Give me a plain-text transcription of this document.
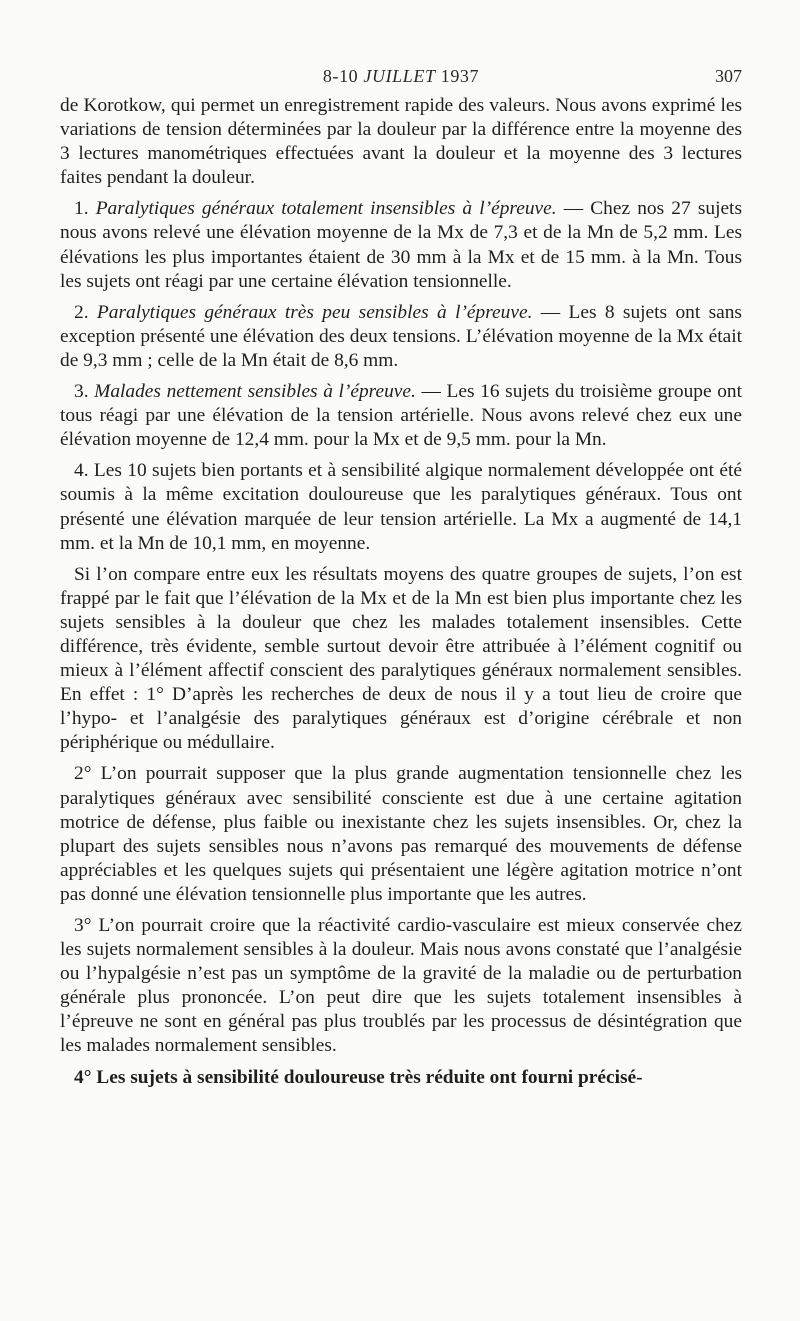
8-10 JUILLET 1937	307

de Korotkow, qui permet un enregistrement rapide des valeurs. Nous avons exprimé les variations de tension déterminées par la douleur par la différence entre la moyenne des 3 lectures manométriques effectuées avant la douleur et la moyenne des 3 lectures faites pendant la douleur.

1. Paralytiques généraux totalement insensibles à l’épreuve. — Chez nos 27 sujets nous avons relevé une élévation moyenne de la Mx de 7,3 et de la Mn de 5,2 mm. Les élévations les plus importantes étaient de 30 mm à la Mx et de 15 mm. à la Mn. Tous les sujets ont réagi par une certaine élévation tensionnelle.

2. Paralytiques généraux très peu sensibles à l’épreuve. — Les 8 sujets ont sans exception présenté une élévation des deux tensions. L’élévation moyenne de la Mx était de 9,3 mm ; celle de la Mn était de 8,6 mm.

3. Malades nettement sensibles à l’épreuve. — Les 16 sujets du troisième groupe ont tous réagi par une élévation de la tension artérielle. Nous avons relevé chez eux une élévation moyenne de 12,4 mm. pour la Mx et de 9,5 mm. pour la Mn.

4. Les 10 sujets bien portants et à sensibilité algique normalement développée ont été soumis à la même excitation douloureuse que les paralytiques généraux. Tous ont présenté une élévation marquée de leur tension artérielle. La Mx a augmenté de 14,1 mm. et la Mn de 10,1 mm, en moyenne.

Si l’on compare entre eux les résultats moyens des quatre groupes de sujets, l’on est frappé par le fait que l’élévation de la Mx et de la Mn est bien plus importante chez les sujets sensibles à la douleur que chez les malades totalement insensibles. Cette différence, très évidente, semble surtout devoir être attribuée à l’élément cognitif ou mieux à l’élément affectif conscient des paralytiques généraux normalement sensibles. En effet : 1° D’après les recherches de deux de nous il y a tout lieu de croire que l’hypo- et l’analgésie des paralytiques généraux est d’origine cérébrale et non périphérique ou médullaire.

2° L’on pourrait supposer que la plus grande augmentation tensionnelle chez les paralytiques généraux avec sensibilité consciente est due à une certaine agitation motrice de défense, plus faible ou inexistante chez les sujets insensibles. Or, chez la plupart des sujets sensibles nous n’avons pas remarqué des mouvements de défense appréciables et les quelques sujets qui présentaient une légère agitation motrice n’ont pas donné une élévation tensionnelle plus importante que les autres.

3° L’on pourrait croire que la réactivité cardio-vasculaire est mieux conservée chez les sujets normalement sensibles à la douleur. Mais nous avons constaté que l’analgésie ou l’hypalgésie n’est pas un symptôme de la gravité de la maladie ou de perturbation générale plus prononcée. L’on peut dire que les sujets totalement insensibles à l’épreuve ne sont en général pas plus troublés par les processus de désintégration que les malades normalement sensibles.

4° Les sujets à sensibilité douloureuse très réduite ont fourni précisé-
